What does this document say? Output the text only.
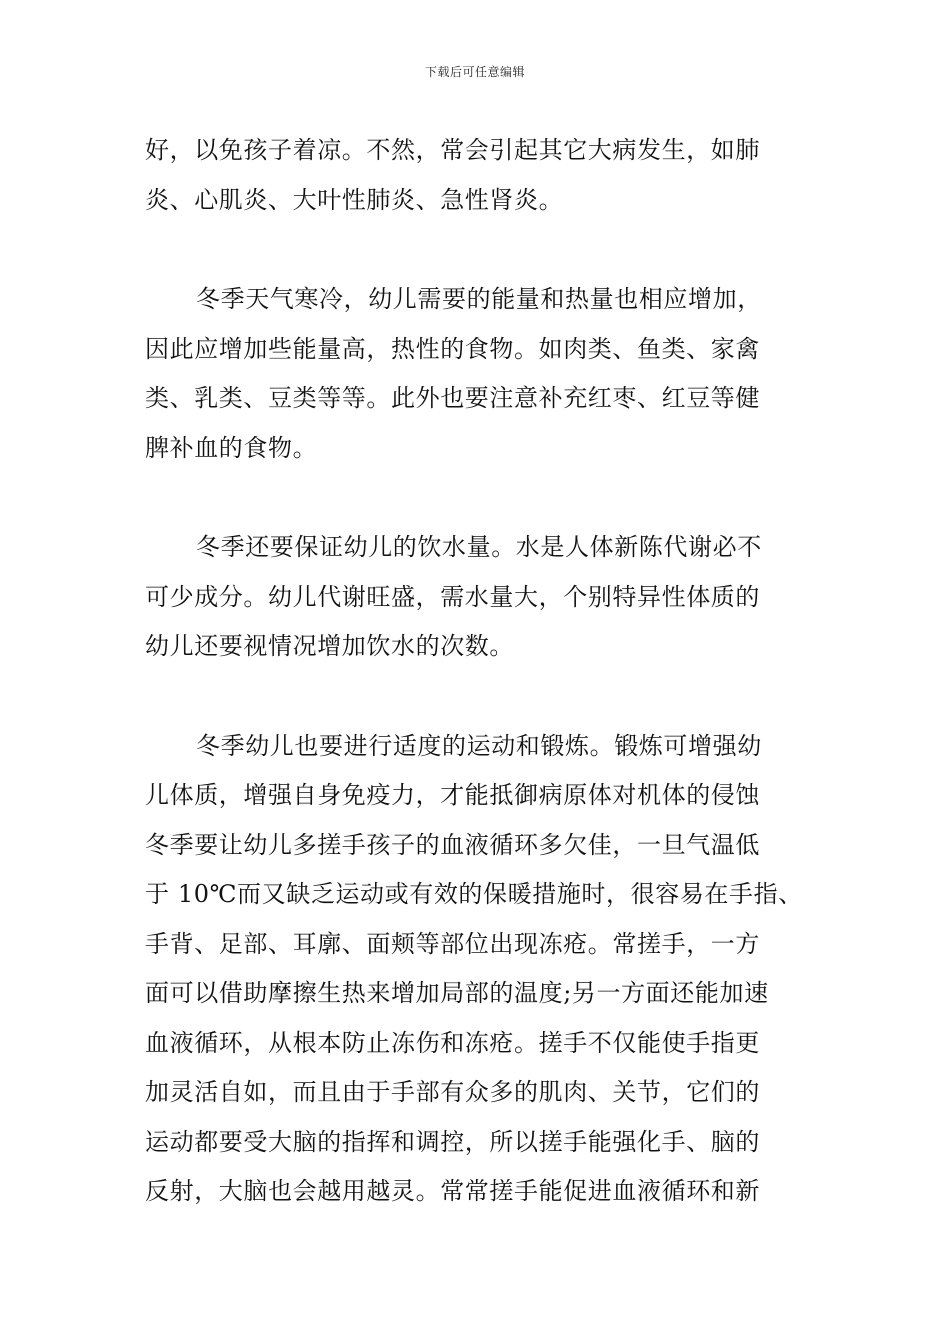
下载后可任意编辑
好，以免孩子着凉。不然，常会引起其它大病发生，如肺
炎、心肌炎、大叶性肺炎、急性肾炎。
冬季天气寒冷，幼儿需要的能量和热量也相应增加，
因此应增加些能量高，热性的食物。如肉类、鱼类、家禽
类、乳类、豆类等等。此外也要注意补充红枣、红豆等健
脾补血的食物。
冬季还要保证幼儿的饮水量。水是人体新陈代谢必不
可少成分。幼儿代谢旺盛，需水量大，个别特异性体质的
幼儿还要视情况增加饮水的次数。
冬季幼儿也要进行适度的运动和锻炼。锻炼可增强幼
儿体质，增强自身免疫力，才能抵御病原体对机体的侵蚀
冬季要让幼儿多搓手孩子的血液循环多欠佳，一旦气温低
于 10℃而又缺乏运动或有效的保暖措施时，很容易在手指、
手背、足部、耳廓、面颊等部位出现冻疮。常搓手，一方
面可以借助摩擦生热来增加局部的温度;另一方面还能加速
血液循环，从根本防止冻伤和冻疮。搓手不仅能使手指更
加灵活自如，而且由于手部有众多的肌肉、关节，它们的
运动都要受大脑的指挥和调控，所以搓手能强化手、脑的
反射，大脑也会越用越灵。常常搓手能促进血液循环和新
